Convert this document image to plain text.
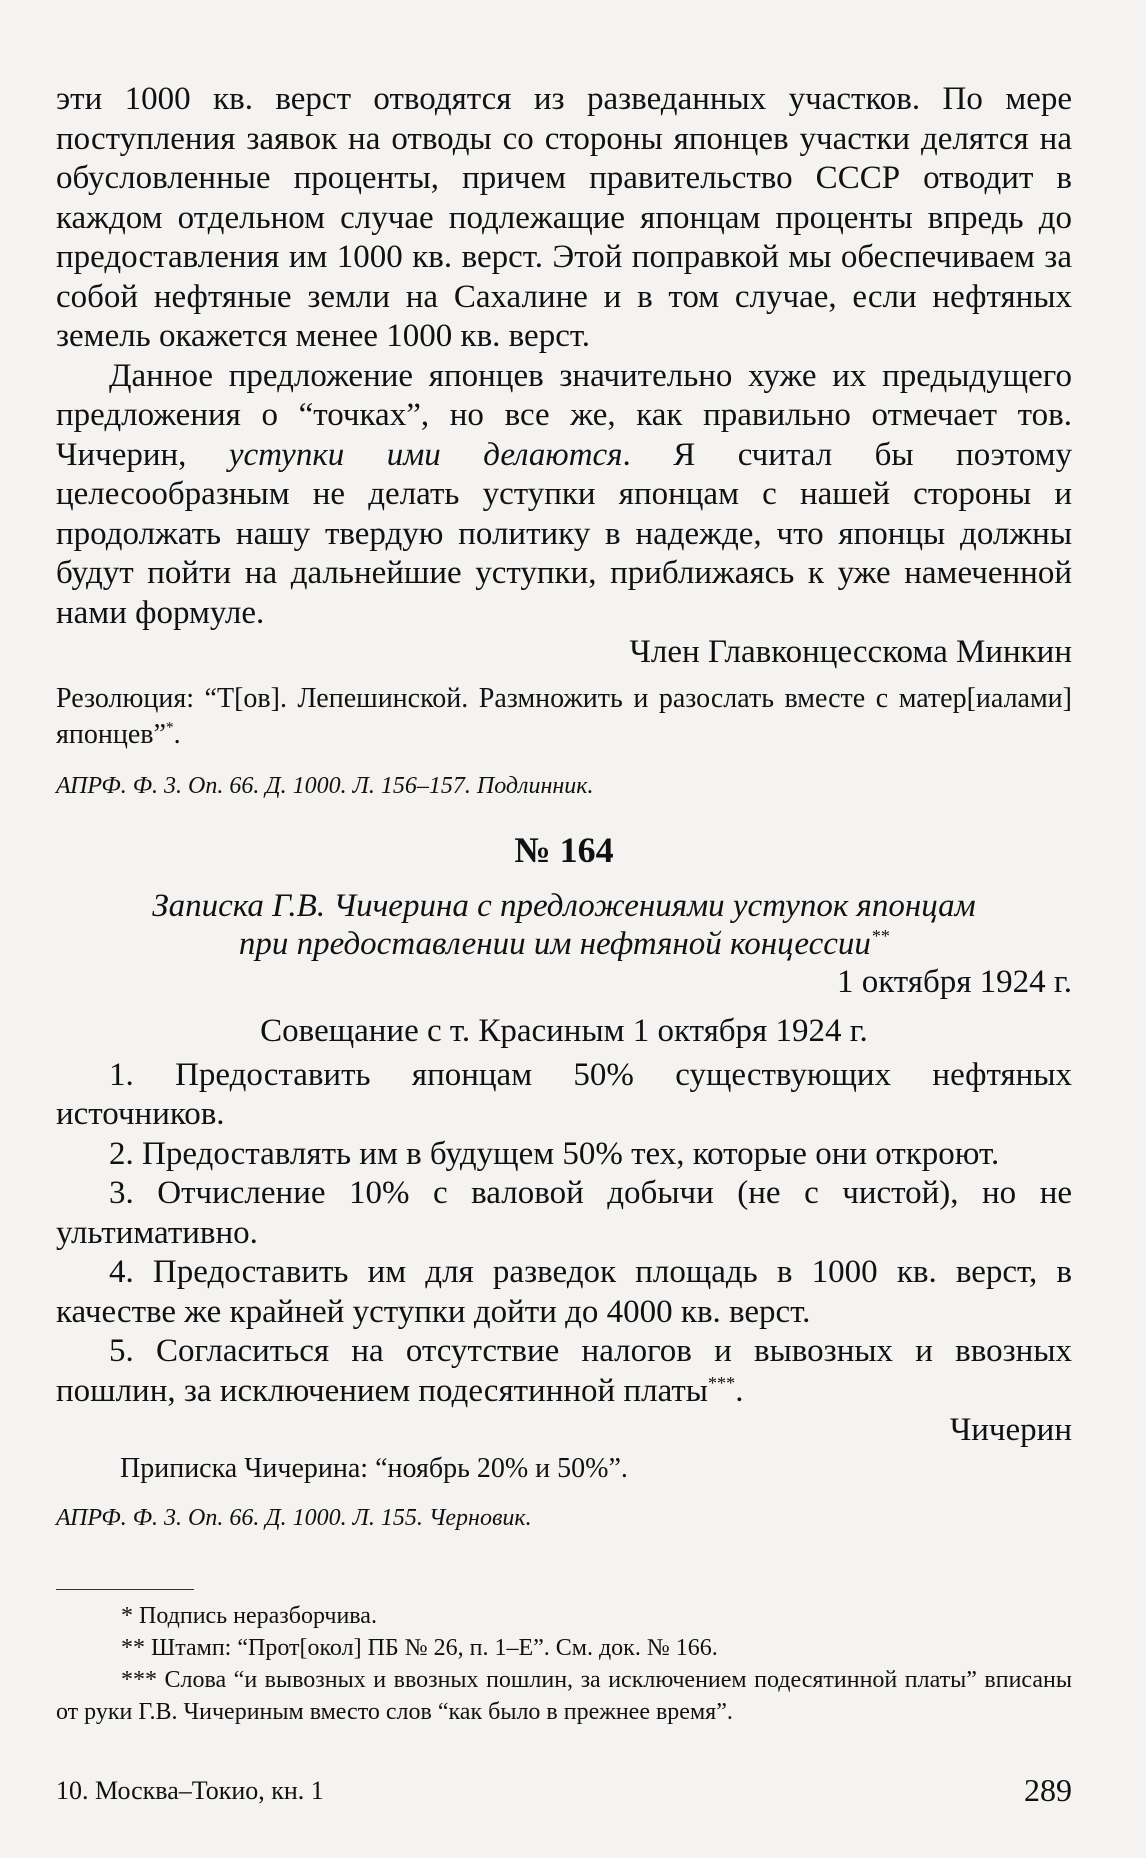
эти 1000 кв. верст отводятся из разведанных участков. По мере поступления заявок на отводы со стороны японцев участки делятся на обусловленные проценты, причем правительство СССР отводит в каждом отдельном случае подлежащие японцам проценты впредь до предоставления им 1000 кв. верст. Этой поправкой мы обеспечиваем за собой нефтяные земли на Сахалине и в том случае, если нефтяных земель окажется менее 1000 кв. верст.

Данное предложение японцев значительно хуже их предыдущего предложения о “точках”, но все же, как правильно отмечает тов. Чичерин, уступки ими делаются. Я считал бы поэтому целесообразным не делать уступки японцам с нашей стороны и продолжать нашу твердую политику в надежде, что японцы должны будут пойти на дальнейшие уступки, приближаясь к уже намеченной нами формуле.

Член Главконцесскома Минкин

Резолюция: “Т[ов]. Лепешинской. Размножить и разослать вместе с матер[иалами] японцев”*.

АПРФ. Ф. 3. Оп. 66. Д. 1000. Л. 156–157. Подлинник.

№ 164

Записка Г.В. Чичерина с предложениями уступок японцам

при предоставлении им нефтяной концессии**

1 октября 1924 г.

Совещание с т. Красиным 1 октября 1924 г.

1. Предоставить японцам 50% существующих нефтяных источников.

2. Предоставлять им в будущем 50% тех, которые они откроют.

3. Отчисление 10% с валовой добычи (не с чистой), но не ультимативно.

4. Предоставить им для разведок площадь в 1000 кв. верст, в качестве же крайней уступки дойти до 4000 кв. верст.

5. Согласиться на отсутствие налогов и вывозных и ввозных пошлин, за исключением подесятинной платы***.

Чичерин

Приписка Чичерина: “ноябрь 20% и 50%”.

АПРФ. Ф. 3. Оп. 66. Д. 1000. Л. 155. Черновик.

* Подпись неразборчива.

** Штамп: “Прот[окол] ПБ № 26, п. 1–Е”. См. док. № 166.

*** Слова “и вывозных и ввозных пошлин, за исключением подесятинной платы” вписаны от руки Г.В. Чичериным вместо слов “как было в прежнее время”.

10. Москва–Токио, кн. 1	289
